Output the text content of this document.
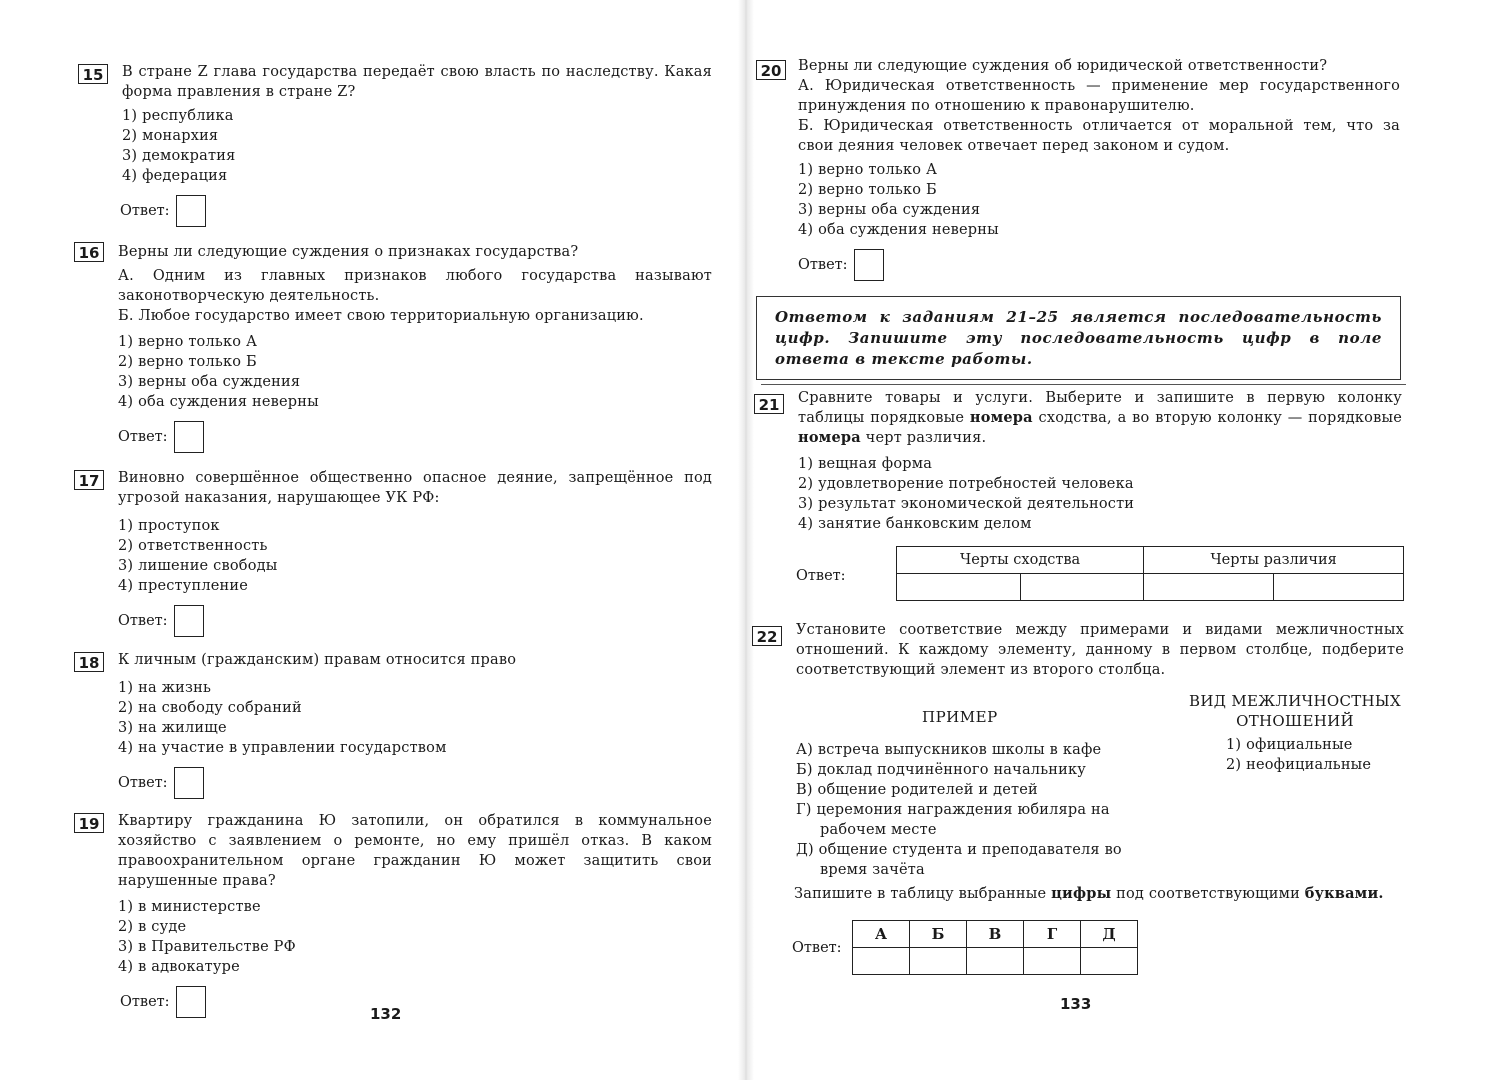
15	В стране Z глава государства передаёт свою власть по наследству. Какая форма правления в стране Z?
1) республика
2) монархия
3) демократия
4) федерация
Ответ:
16	Верны ли следующие суждения о признаках государства?
А. Одним из главных признаков любого государства называют законотворческую деятельность.
Б. Любое государство имеет свою территориальную организацию.
1) верно только А
2) верно только Б
3) верны оба суждения
4) оба суждения неверны
Ответ:
17	Виновно совершённое общественно опасное деяние, запрещённое под угрозой наказания, нарушающее УК РФ:
1) проступок
2) ответственность
3) лишение свободы
4) преступление
Ответ:
18	К личным (гражданским) правам относится право
1) на жизнь
2) на свободу собраний
3) на жилище
4) на участие в управлении государством
Ответ:
19	Квартиру гражданина Ю затопили, он обратился в коммунальное хозяйство с заявлением о ремонте, но ему пришёл отказ. В каком правоохранительном органе гражданин Ю может защитить свои нарушенные права?
1) в министерстве
2) в суде
3) в Правительстве РФ
4) в адвокатуре
Ответ:
132
20	Верны ли следующие суждения об юридической ответственности?
А. Юридическая ответственность — применение мер государственного принуждения по отношению к правонарушителю.
Б. Юридическая ответственность отличается от моральной тем, что за свои деяния человек отвечает перед законом и судом.
1) верно только А
2) верно только Б
3) верны оба суждения
4) оба суждения неверны
Ответ:
Ответом к заданиям 21–25 является последовательность цифр. Запишите эту последовательность цифр в поле ответа в тексте работы.
21	Сравните товары и услуги. Выберите и запишите в первую колонку таблицы порядковые номера сходства, а во вторую колонку — порядковые номера черт различия.
1) вещная форма
2) удовлетворение потребностей человека
3) результат экономической деятельности
4) занятие банковским делом
Ответ:
Черты сходства		Черты различия	

22	Установите соответствие между примерами и видами межличностных отношений. К каждому элементу, данному в первом столбце, подберите соответствующий элемент из второго столбца.
ПРИМЕР
ВИД МЕЖЛИЧНОСТНЫХ
ОТНОШЕНИЙ
А) встреча выпускников школы в кафе
Б) доклад подчинённого начальнику
В) общение родителей и детей
Г) церемония награждения юбиляра на рабочем месте
Д) общение студента и преподавателя во время зачёта
1) официальные
2) неофициальные
Запишите в таблицу выбранные цифры под соответствующими буквами.
Ответ:
А	Б	В	Г	Д

133
